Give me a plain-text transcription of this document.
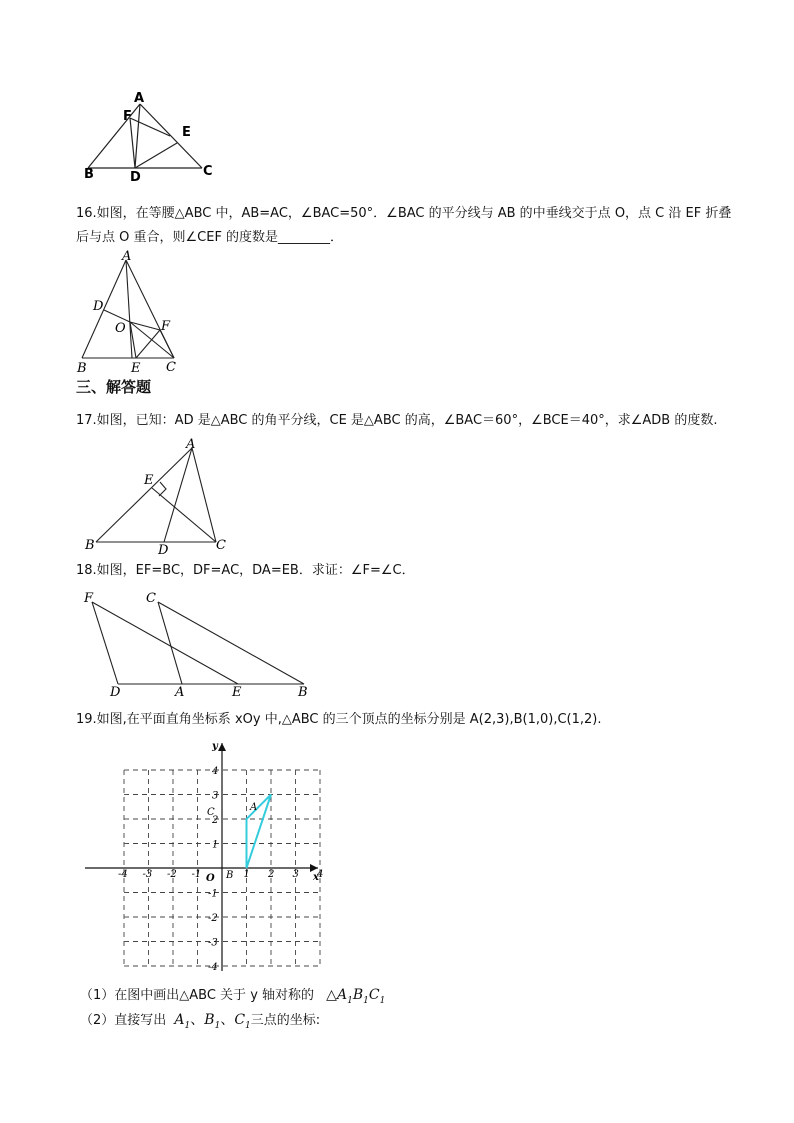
A
F
E
B	D	C
16.如图，在等腰△ABC 中，AB=AC，∠BAC=50°．∠BAC 的平分线与 AB 的中垂线交于点 O，点 C 沿 EF 折叠
后与点 O 重合，则∠CEF 的度数是________．
A
D
O	F
B	E C
三、解答题
17.如图，已知：AD 是△ABC 的角平分线，CE 是△ABC 的高，∠BAC＝60°，∠BCE＝40°，求∠ADB 的度数.
A
E
B	D	C
18.如图，EF=BC，DF=AC，DA=EB．求证：∠F=∠C．
F	C
D	A	E	B
19.如图,在平面直角坐标系 xOy 中,△ABC 的三个顶点的坐标分别是 A(2,3),B(1,0),C(1,2).
-4 -3 -2 -1	1 2 3 4
4
3
2
1
-1
-2
-3
-4
x
y
O
A
C
B
（1）在图中画出△ABC 关于 y 轴对称的 $\triangle A_1B_1C_1$
（2）直接写出 $A_1$、$B_1$、$C_1$三点的坐标:
